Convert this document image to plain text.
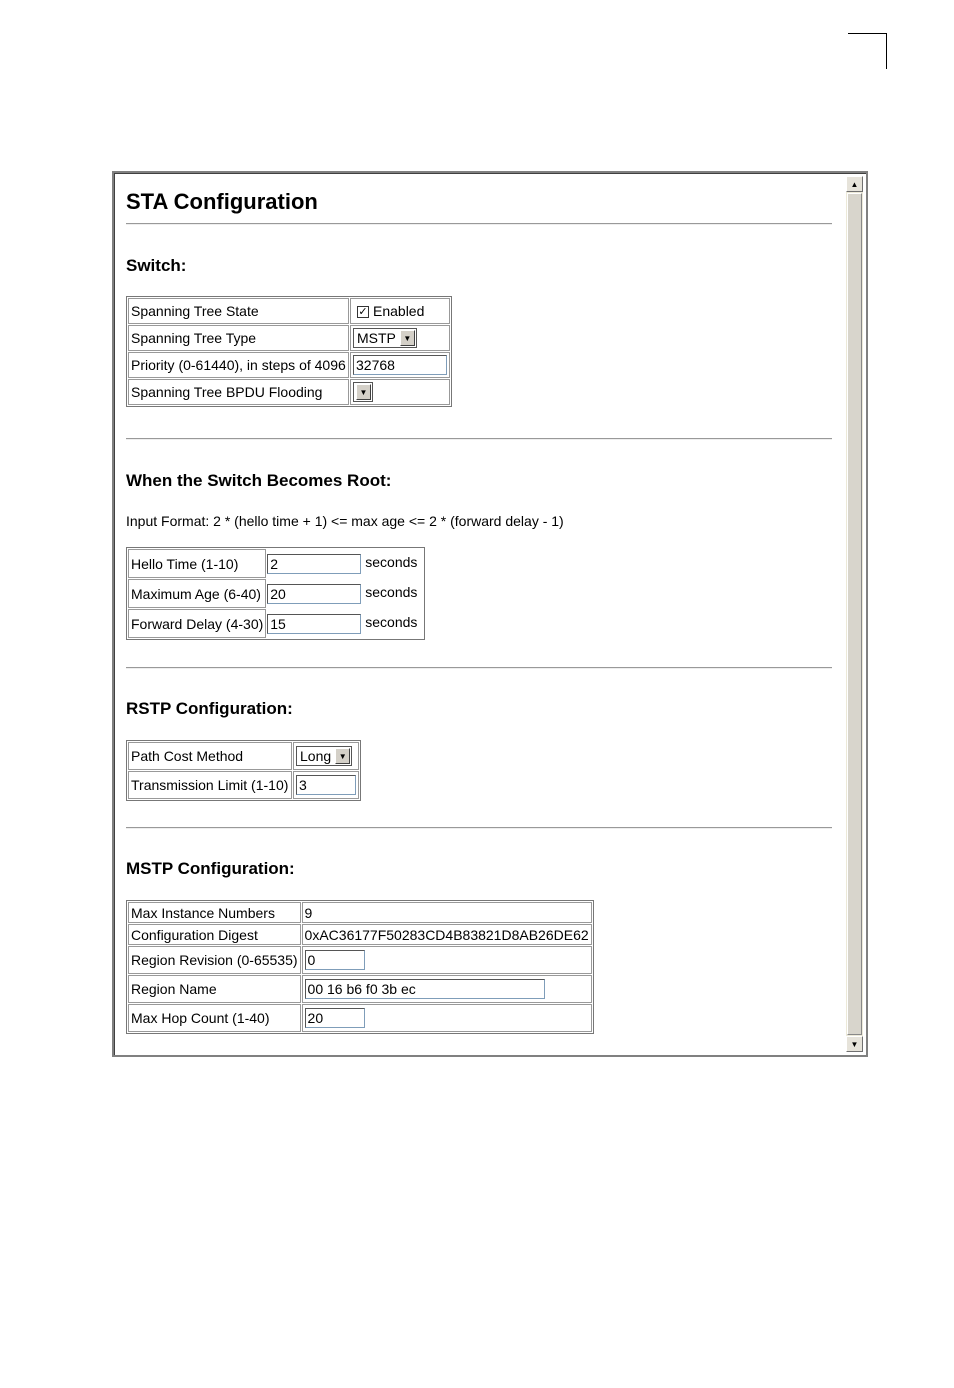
▲
▼
STA Configuration
Switch:
Spanning Tree State	✓ Enabled
Spanning Tree Type	MSTP ▼

Priority (0-61440), in steps of 4096	32768
Spanning Tree BPDU Flooding	▼
When the Switch Becomes Root:
Input Format: 2 * (hello time + 1) <= max age <= 2 * (forward delay - 1)
Hello Time (1-10)	2 seconds
Maximum Age (6-40)	20 seconds
Forward Delay (4-30)	15 seconds
RSTP Configuration:
Path Cost Method	Long ▼

Transmission Limit (1-10)	3
MSTP Configuration:
Max Instance Numbers	9
Configuration Digest	0xAC36177F50283CD4B83821D8AB26DE62
Region Revision (0-65535)	0
Region Name	00 16 b6 f0 3b ec
Max Hop Count (1-40)	20
